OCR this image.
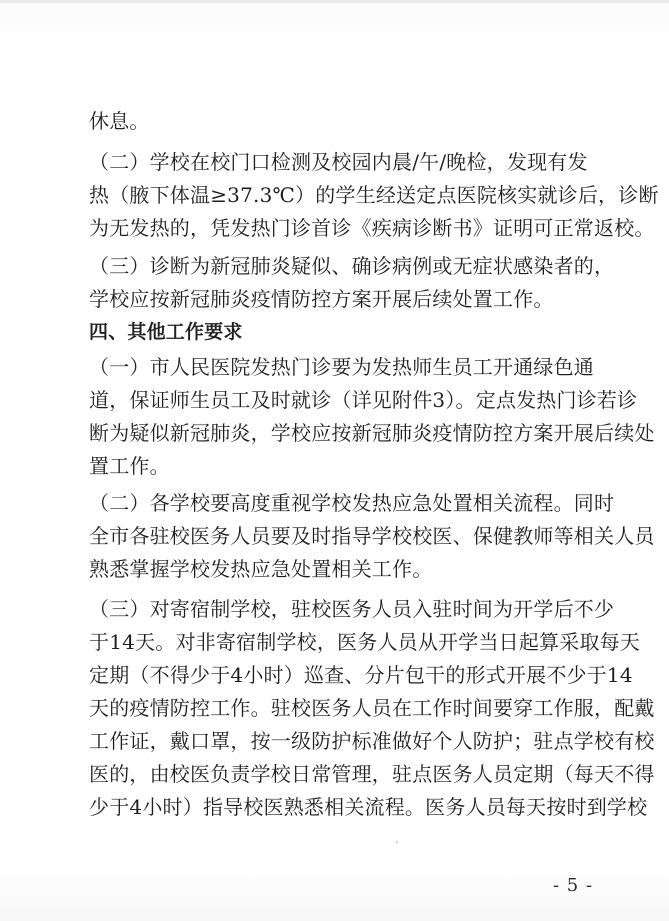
休息。
（二）学校在校门口检测及校园内晨/午/晚检，发现有发
热（腋下体温≥37.3℃）的学生经送定点医院核实就诊后，诊断
为无发热的，凭发热门诊首诊《疾病诊断书》证明可正常返校。
（三）诊断为新冠肺炎疑似、确诊病例或无症状感染者的，
学校应按新冠肺炎疫情防控方案开展后续处置工作。
四、其他工作要求
（一）市人民医院发热门诊要为发热师生员工开通绿色通
道，保证师生员工及时就诊（详见附件3）。定点发热门诊若诊
断为疑似新冠肺炎，学校应按新冠肺炎疫情防控方案开展后续处
置工作。
（二）各学校要高度重视学校发热应急处置相关流程。同时
全市各驻校医务人员要及时指导学校校医、保健教师等相关人员
熟悉掌握学校发热应急处置相关工作。
（三）对寄宿制学校，驻校医务人员入驻时间为开学后不少
于14天。对非寄宿制学校，医务人员从开学当日起算采取每天
定期（不得少于4小时）巡查、分片包干的形式开展不少于14
天的疫情防控工作。驻校医务人员在工作时间要穿工作服，配戴
工作证，戴口罩，按一级防护标准做好个人防护；驻点学校有校
医的，由校医负责学校日常管理，驻点医务人员定期（每天不得
少于4小时）指导校医熟悉相关流程。医务人员每天按时到学校
- 5 -
